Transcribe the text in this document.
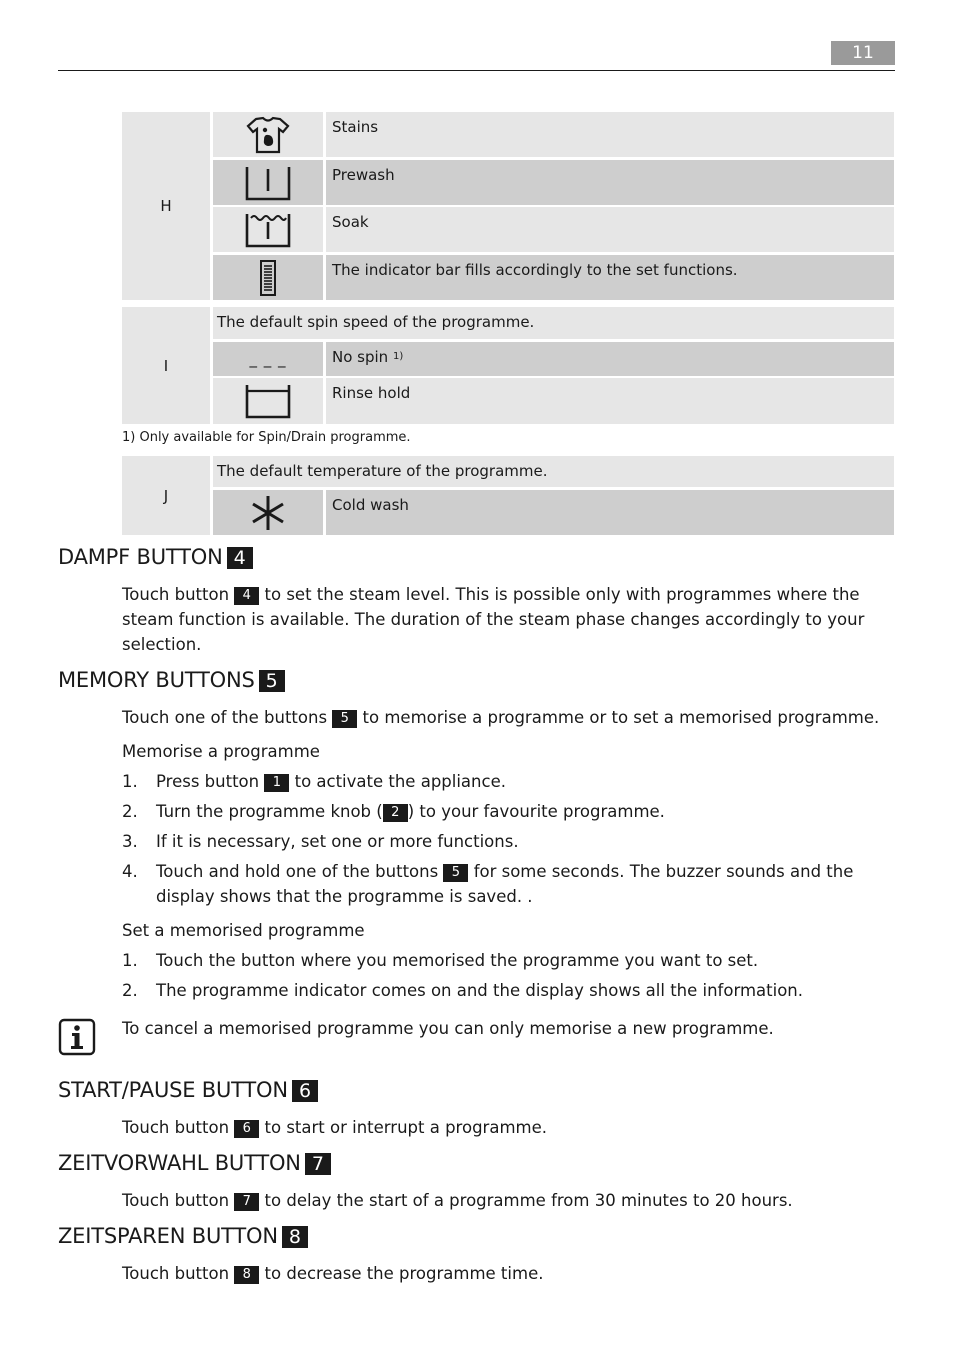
11
H
Stains
Prewash
Soak
The indicator bar fills accordingly to the set functions.
I
The default spin speed of the programme.
_ _ _	No spin $^{1)}$
Rinse hold
1) Only available for Spin/Drain programme.
J
The default temperature of the programme.
Cold wash
DAMPF BUTTON 4
Touch button 4 to set the steam level. This is possible only with programmes where the
steam function is available. The duration of the steam phase changes accordingly to your
selection.
MEMORY BUTTONS 5
Touch one of the buttons 5 to memorise a programme or to set a memorised programme.
Memorise a programme
1. Press button 1 to activate the appliance.
2. Turn the programme knob ( 2 ) to your favourite programme.
3. If it is necessary, set one or more functions.
4. Touch and hold one of the buttons 5 for some seconds. The buzzer sounds and the
display shows that the programme is saved. .
Set a memorised programme
1. Touch the button where you memorised the programme you want to set.
2. The programme indicator comes on and the display shows all the information.
To cancel a memorised programme you can only memorise a new programme.
START/PAUSE BUTTON 6
Touch button 6 to start or interrupt a programme.
ZEITVORWAHL BUTTON 7
Touch button 7 to delay the start of a programme from 30 minutes to 20 hours.
ZEITSPAREN BUTTON 8
Touch button 8 to decrease the programme time.
